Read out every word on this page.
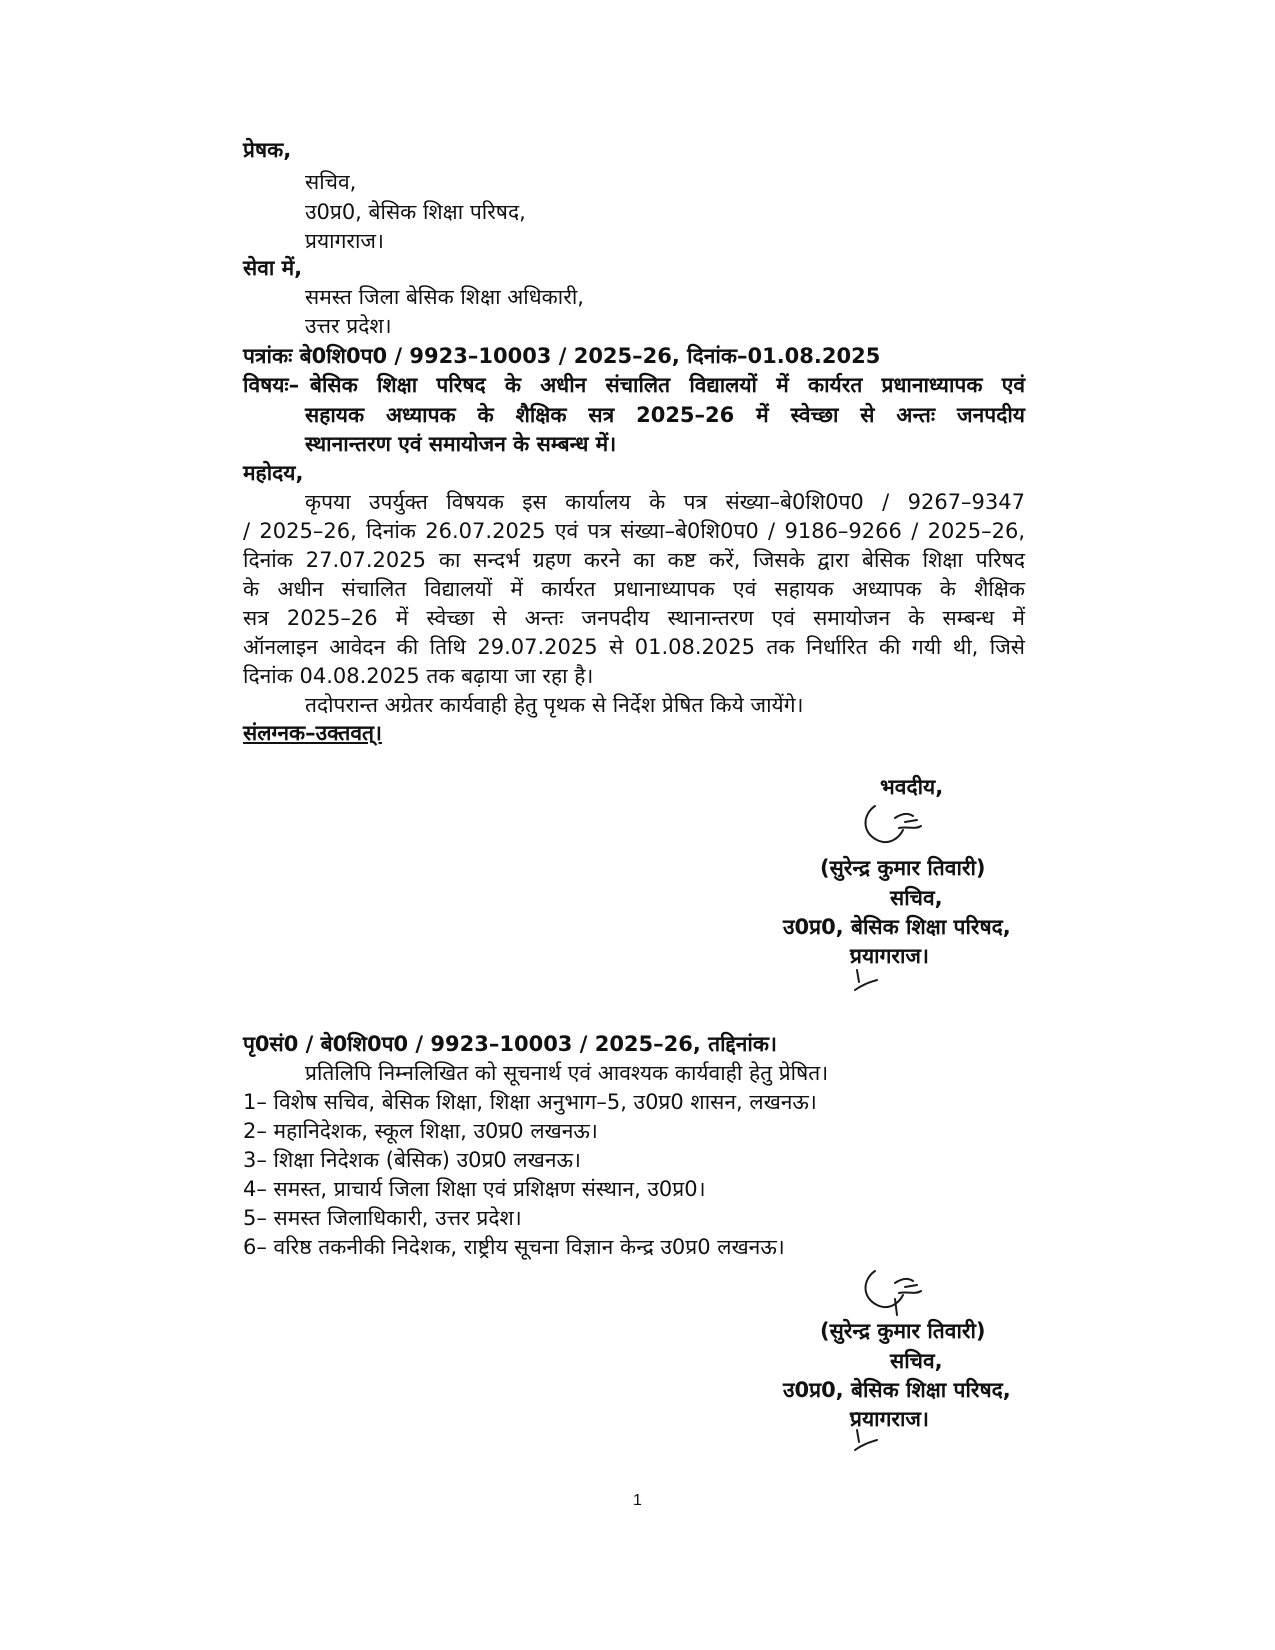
प्रेषक,
सचिव,
उ0प्र0, बेसिक शिक्षा परिषद,
प्रयागराज।
सेवा में,
समस्त जिला बेसिक शिक्षा अधिकारी,
उत्तर प्रदेश।
पत्रांकः बे0शि0प0 / 9923–10003 / 2025–26, दिनांक–01.08.2025
विषयः– बेसिक शिक्षा परिषद के अधीन संचालित विद्यालयों में कार्यरत प्रधानाध्यापक एवं
सहायक अध्यापक के शैक्षिक सत्र 2025–26 में स्वेच्छा से अन्तः जनपदीय
स्थानान्तरण एवं समायोजन के सम्बन्ध में।
महोदय,
कृपया उपर्युक्त विषयक इस कार्यालय के पत्र संख्या–बे0शि0प0 / 9267–9347
/ 2025–26, दिनांक 26.07.2025 एवं पत्र संख्या–बे0शि0प0 / 9186–9266 / 2025–26,
दिनांक 27.07.2025 का सन्दर्भ ग्रहण करने का कष्ट करें, जिसके द्वारा बेसिक शिक्षा परिषद
के अधीन संचालित विद्यालयों में कार्यरत प्रधानाध्यापक एवं सहायक अध्यापक के शैक्षिक
सत्र 2025–26 में स्वेच्छा से अन्तः जनपदीय स्थानान्तरण एवं समायोजन के सम्बन्ध में
ऑनलाइन आवेदन की तिथि 29.07.2025 से 01.08.2025 तक निर्धारित की गयी थी, जिसे
दिनांक 04.08.2025 तक बढ़ाया जा रहा है।
तदोपरान्त अग्रेतर कार्यवाही हेतु पृथक से निर्देश प्रेषित किये जायेंगे।
संलग्नक–उक्तवत्।
भवदीय,
(सुरेन्द्र कुमार तिवारी)
सचिव,
उ0प्र0, बेसिक शिक्षा परिषद,
प्रयागराज।
पृ0सं0 / बे0शि0प0 / 9923–10003 / 2025–26, तद्दिनांक।
प्रतिलिपि निम्नलिखित को सूचनार्थ एवं आवश्यक कार्यवाही हेतु प्रेषित।
1– विशेष सचिव, बेसिक शिक्षा, शिक्षा अनुभाग–5, उ0प्र0 शासन, लखनऊ।
2– महानिदेशक, स्कूल शिक्षा, उ0प्र0 लखनऊ।
3– शिक्षा निदेशक (बेसिक) उ0प्र0 लखनऊ।
4– समस्त, प्राचार्य जिला शिक्षा एवं प्रशिक्षण संस्थान, उ0प्र0।
5– समस्त जिलाधिकारी, उत्तर प्रदेश।
6– वरिष्ठ तकनीकी निदेशक, राष्ट्रीय सूचना विज्ञान केन्द्र उ0प्र0 लखनऊ।
(सुरेन्द्र कुमार तिवारी)
सचिव,
उ0प्र0, बेसिक शिक्षा परिषद,
प्रयागराज।
1
